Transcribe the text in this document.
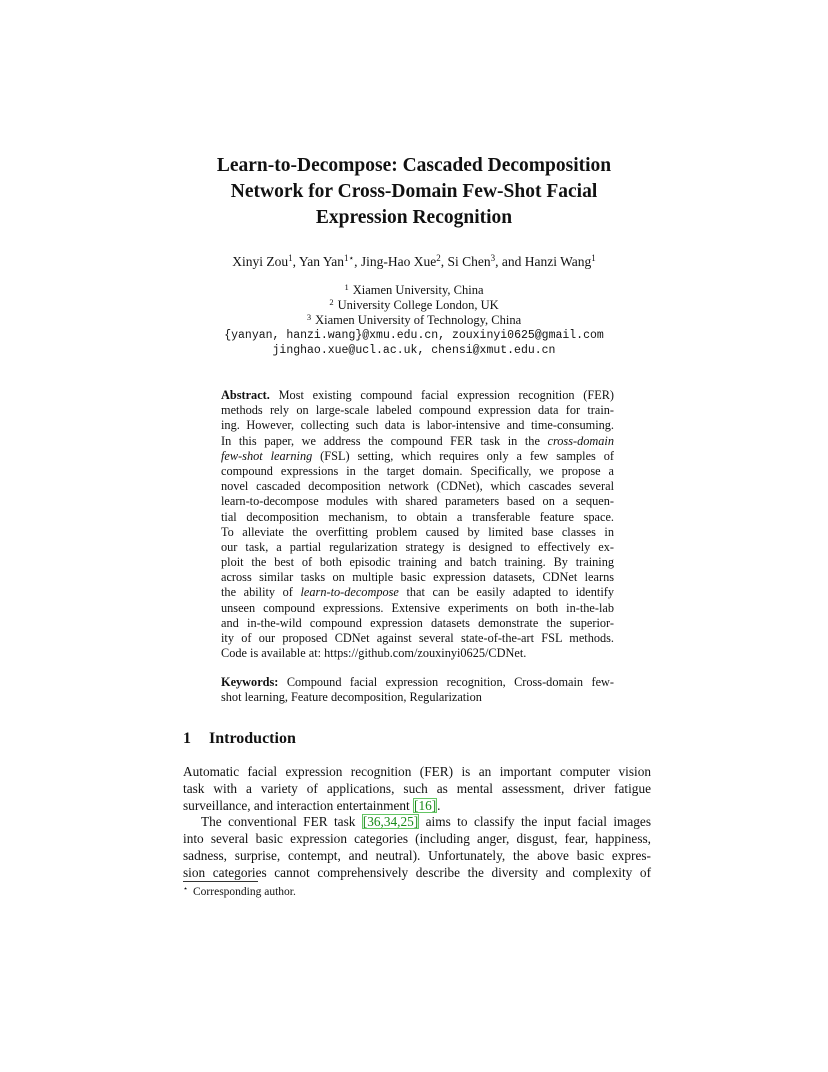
Learn-to-Decompose: Cascaded Decomposition
Network for Cross-Domain Few-Shot Facial
Expression Recognition
Xinyi Zou$^1$, Yan Yan$^{1⋆}$, Jing-Hao Xue$^2$, Si Chen$^3$, and Hanzi Wang$^1$
$^1$ Xiamen University, China
$^2$ University College London, UK
$^3$ Xiamen University of Technology, China
{yanyan, hanzi.wang}@xmu.edu.cn, zouxinyi0625@gmail.com
jinghao.xue@ucl.ac.uk, chensi@xmut.edu.cn
Abstract. Most existing compound facial expression recognition (FER)
methods rely on large-scale labeled compound expression data for train-
ing. However, collecting such data is labor-intensive and time-consuming.
In this paper, we address the compound FER task in the cross-domain
few-shot learning (FSL) setting, which requires only a few samples of
compound expressions in the target domain. Specifically, we propose a
novel cascaded decomposition network (CDNet), which cascades several
learn-to-decompose modules with shared parameters based on a sequen-
tial decomposition mechanism, to obtain a transferable feature space.
To alleviate the overfitting problem caused by limited base classes in
our task, a partial regularization strategy is designed to effectively ex-
ploit the best of both episodic training and batch training. By training
across similar tasks on multiple basic expression datasets, CDNet learns
the ability of learn-to-decompose that can be easily adapted to identify
unseen compound expressions. Extensive experiments on both in-the-lab
and in-the-wild compound expression datasets demonstrate the superior-
ity of our proposed CDNet against several state-of-the-art FSL methods.
Code is available at: https://github.com/zouxinyi0625/CDNet.
Keywords: Compound facial expression recognition, Cross-domain few-
shot learning, Feature decomposition, Regularization
1 Introduction
Automatic facial expression recognition (FER) is an important computer vision
task with a variety of applications, such as mental assessment, driver fatigue
surveillance, and interaction entertainment [16].
The conventional FER task [36,34,25] aims to classify the input facial images
into several basic expression categories (including anger, disgust, fear, happiness,
sadness, surprise, contempt, and neutral). Unfortunately, the above basic expres-
sion categories cannot comprehensively describe the diversity and complexity of
⋆ Corresponding author.
